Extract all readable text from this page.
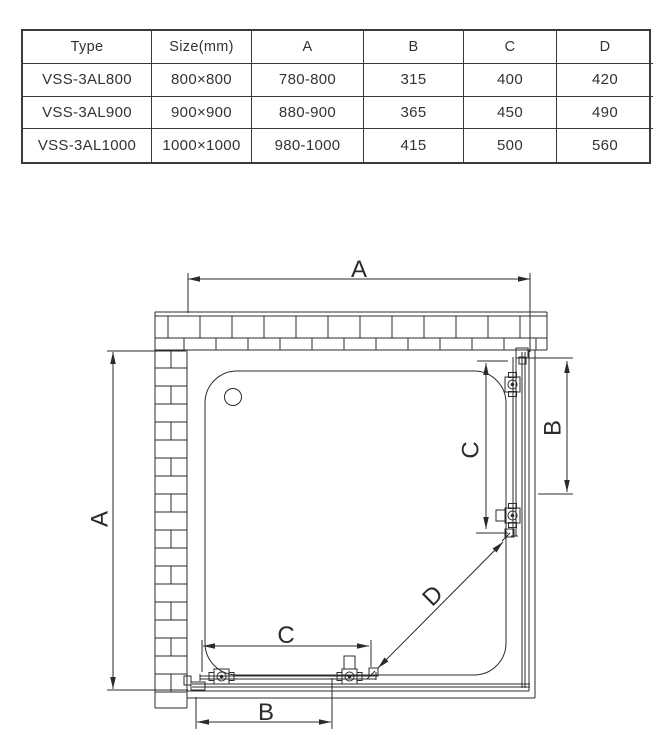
Type	Size(mm)	A	B	C	D
VSS-3AL800	800×800	780-800	315	400	420
VSS-3AL900	900×900	880-900	365	450	490
VSS-3AL1000	1000×1000	980-1000	415	500	560
A
A
B
C
C
B
D
